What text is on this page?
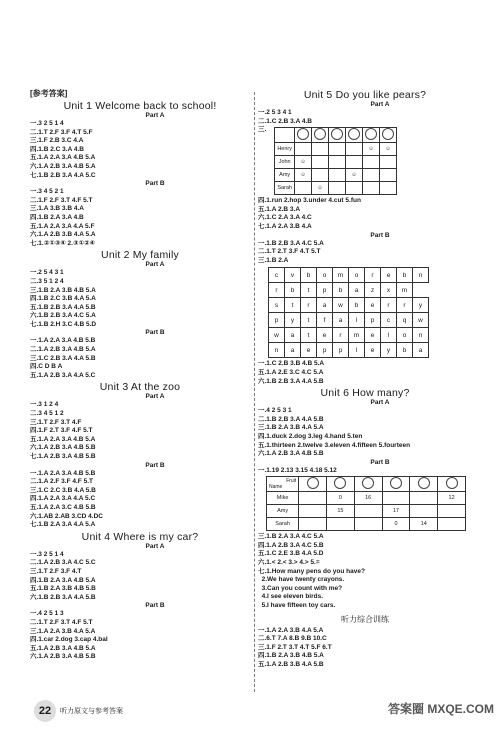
[参考答案]
Unit 1 Welcome back to school!
Part A
一.3 2 5 1 4
二.1.T 2.F 3.F 4.T 5.F
三.1.F 2.B 3.C 4.A
四.1.B 2.C 3.A 4.B
五.1.A 2.A 3.A 4.B 5.A
六.1.A 2.B 3.A 4.B 5.A
七.1.B 2.B 3.A 4.A 5.C
Part B
一.3 4 5 2 1
二.1.F 2.F 3.T 4.F 5.T
三.1.A 3.B 3.B 4.A
四.1.B 2.A 3.A 4.B
五.1.A 2.A 3.A 4.A 5.F
六.1.A 2.B 3.B 4.A 5.A
七.1.②①③④ 2.③①②④
Unit 2 My family
Part A
一.2 5 4 3 1
二.3 5 1 2 4
三.1.B 2.A 3.B 4.B 5.A
四.1.B 2.C 3.B 4.A 5.A
五.1.B 2.B 3.A 4.A 5.B
六.1.B 2.B 3.A 4.C 5.A
七.1.B 2.H 3.C 4.B 5.D
Part B
一.1.A 2.A 3.A 4.B 5.B
二.1.A 2.B 3.A 4.B 5.A
三.1.C 2.B 3.A 4.A 5.B
四.C D B A
五.1.A 2.B 3.A 4.A 5.C
Unit 3 At the zoo
Part A
一.3 1 2 4
二.3 4 5 1 2
三.1.T 2.F 3.T 4.F
四.1.F 2.T 3.F 4.F 5.T
五.1.A 2.A 3.A 4.B 5.A
六.1.A 2.B 3.A 4.B 5.B
七.1.A 2.B 3.A 4.B 5.B
Part B
一.1.A 2.A 3.A 4.B 5.B
二.1.A 2.F 3.F 4.F 5.T
三.1.C 2.C 3.B 4.A 5.B
四.1.A 2.A 3.A 4.A 5.C
五.1.A 2.A 3.C 4.B 5.B
六.1.AB 2.AB 3.CD 4.DC
七.1.B 2.A 3.A 4.A 5.A
Unit 4 Where is my car?
Part A
一.3 2 5 1 4
二.1.A 2.B 3.A 4.C 5.C
三.1.T 2.F 3.F 4.T
四.1.B 2.A 3.A 4.B 5.A
五.1.B 2.A 3.B 4.B 5.B
六.1.B 2.B 3.A 4.A 5.B
Part B
一.4 2 5 1 3
二.1.T 2.F 3.T 4.F 5.T
三.1.A 2.A 3.B 4.A 5.A
四.1.car 2.dog 3.cap 4.bal
五.1.A 2.B 3.A 4.B 5.A
六.1.A 2.B 3.A 4.B 5.B
Unit 5 Do you like pears?
Part A
一.2 5 3 4 1
二.1.C 2.B 3.A 4.B
三.

Henry					☺	☺
John	☺					
Amy	☺			☺		
Sarah		☺				
四.1.run 2.hop 3.under 4.cut 5.fun
五.1.A 2.B 3.A
六.1.C 2.A 3.A 4.C
七.1.A 2.A 3.B 4.A
Part B
一.1.B 2.B 3.A 4.C 5.A
二.1.T 2.T 3.F 4.T 5.T
三.1.B 2.A
c	v	b	o	m	o	r	e	b	n
r	b	t	p	b	a	z	x	m	
s	t	r	a	w	b	e	r	r	y
p	y	t	f	a	l	p	c	q	w
w	a	t	e	r	m	e	l	o	n
n	a	e	p	p	l	e	y	b	a
一.1.C 2.B 3.B 4.B 5.A
五.1.A 2.E 3.C 4.C 5.A
六.1.B 2.B 3.A 4.A 5.B
Unit 6 How many?
Part A
一.4 2 5 3 1
二.1.B 2.B 3.A 4.A 5.B
三.1.B 2.A 3.B 4.A 5.A
四.1.duck 2.dog 3.leg 4.hand 5.ten
五.1.thirteen 2.twelve 3.eleven 4.fifteen 5.fourteen
六.1.A 2.B 3.A 4.B 5.B
Part B
一.1.19 2.13 3.15 4.18 5.12
Fruit
Name						

Mike		0	16			12
Amy		15		17		
Sarah				0	14	
三.1.B 2.A 3.A 4.C 5.A
四.1.A 2.B 3.A 4.C 5.B
五.1.C 2.E 3.B 4.A 5.D
六.1.< 2.< 3.> 4.> 5.=
七.1.How many pens do you have?
2.We have twenty crayons.
3.Can you count with me?
4.I see eleven birds.
5.I have fifteen toy cars.
听力综合训练
一.1.A 2.A 3.B 4.A 5.A
二.6.T 7.A 8.B 9.B 10.C
三.1.F 2.T 3.T 4.T 5.F 6.T
四.1.B 2.A 3.B 4.B 5.A
五.1.A 2.B 3.B 4.A 5.B
22	听力原文与参考答案	答案圈 MXQE.COM
